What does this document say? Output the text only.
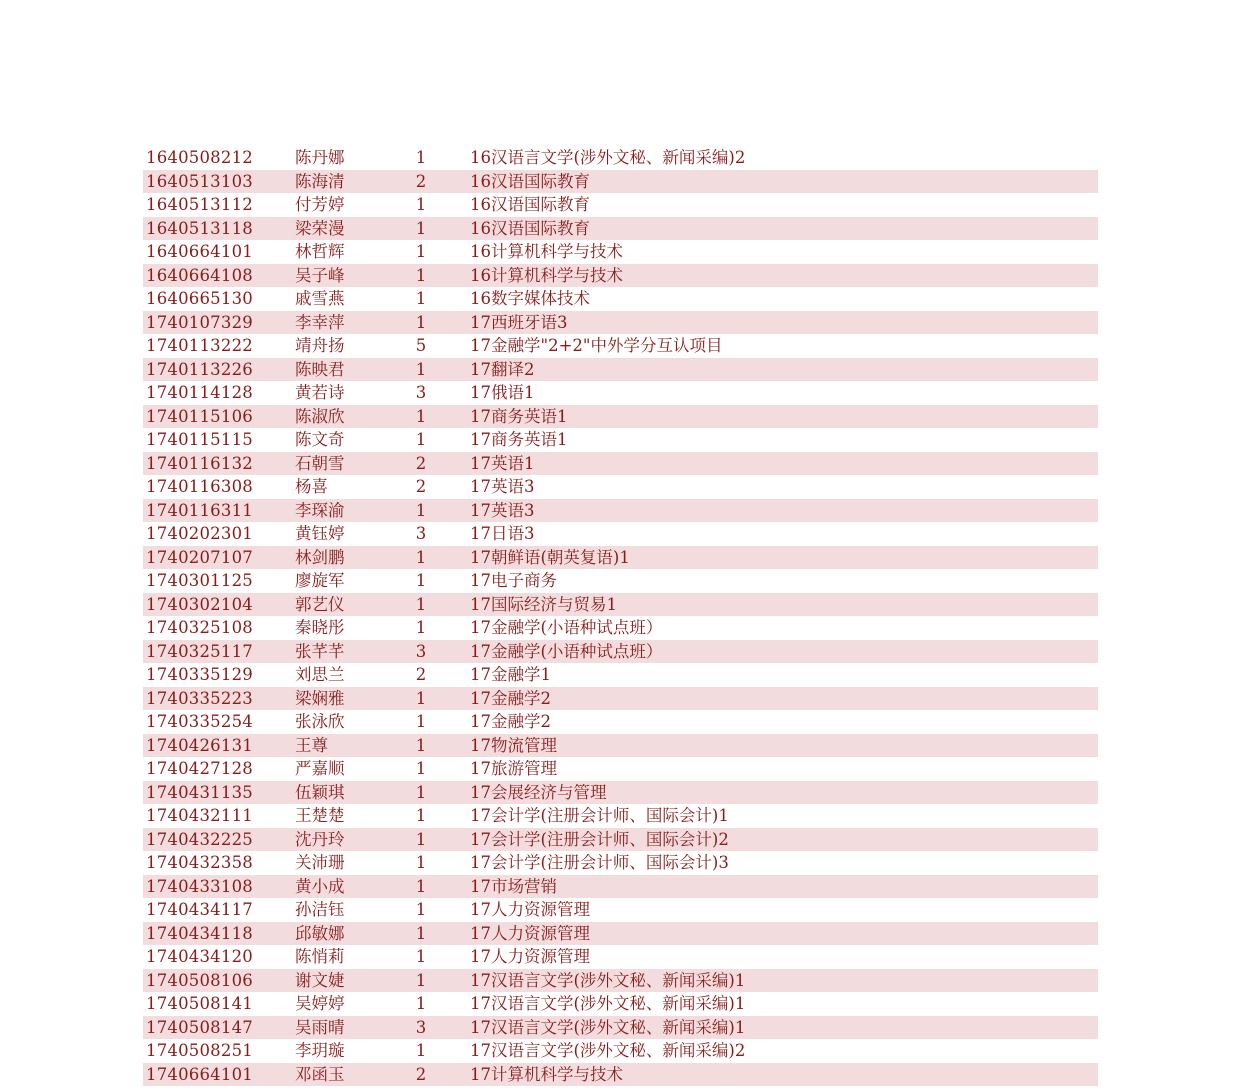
1640508212	陈丹娜	1	16汉语言文学(涉外文秘、新闻采编)2
1640513103	陈海清	2	16汉语国际教育
1640513112	付芳婷	1	16汉语国际教育
1640513118	梁荣漫	1	16汉语国际教育
1640664101	林哲辉	1	16计算机科学与技术
1640664108	吴子峰	1	16计算机科学与技术
1640665130	戚雪燕	1	16数字媒体技术
1740107329	李幸萍	1	17西班牙语3
1740113222	靖舟扬	5	17金融学"2+2"中外学分互认项目
1740113226	陈映君	1	17翻译2
1740114128	黄若诗	3	17俄语1
1740115106	陈淑欣	1	17商务英语1
1740115115	陈文奇	1	17商务英语1
1740116132	石朝雪	2	17英语1
1740116308	杨喜	2	17英语3
1740116311	李琛渝	1	17英语3
1740202301	黄钰婷	3	17日语3
1740207107	林剑鹏	1	17朝鲜语(朝英复语)1
1740301125	廖旋军	1	17电子商务
1740302104	郭艺仪	1	17国际经济与贸易1
1740325108	秦晓彤	1	17金融学(小语种试点班）
1740325117	张芊芊	3	17金融学(小语种试点班）
1740335129	刘思兰	2	17金融学1
1740335223	梁娴雅	1	17金融学2
1740335254	张泳欣	1	17金融学2
1740426131	王尊	1	17物流管理
1740427128	严嘉顺	1	17旅游管理
1740431135	伍颖琪	1	17会展经济与管理
1740432111	王楚楚	1	17会计学(注册会计师、国际会计)1
1740432225	沈丹玲	1	17会计学(注册会计师、国际会计)2
1740432358	关沛珊	1	17会计学(注册会计师、国际会计)3
1740433108	黄小成	1	17市场营销
1740434117	孙洁钰	1	17人力资源管理
1740434118	邱敏娜	1	17人力资源管理
1740434120	陈悄莉	1	17人力资源管理
1740508106	谢文婕	1	17汉语言文学(涉外文秘、新闻采编)1
1740508141	吴婷婷	1	17汉语言文学(涉外文秘、新闻采编)1
1740508147	吴雨晴	3	17汉语言文学(涉外文秘、新闻采编)1
1740508251	李玥璇	1	17汉语言文学(涉外文秘、新闻采编)2
1740664101	邓函玉	2	17计算机科学与技术
